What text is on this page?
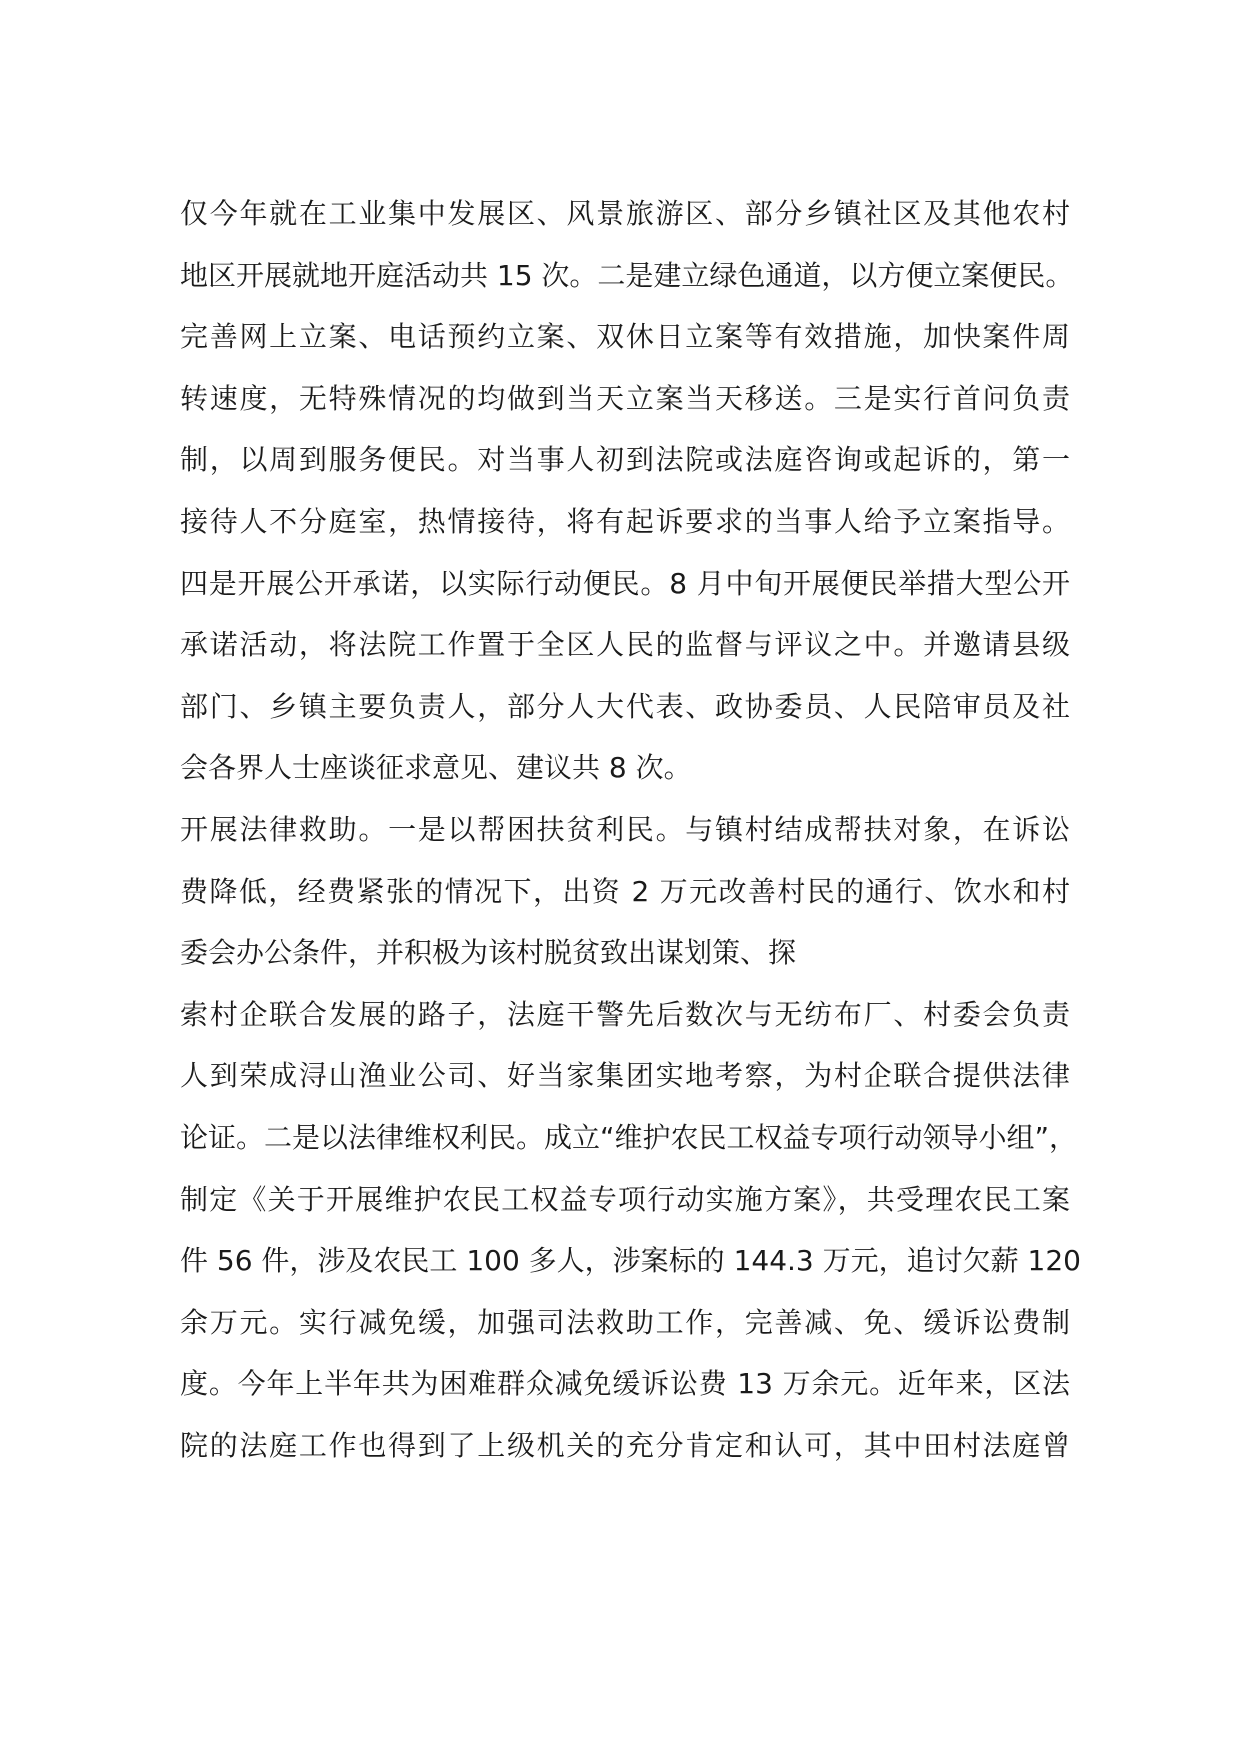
仅今年就在工业集中发展区、风景旅游区、部分乡镇社区及其他农村
地区开展就地开庭活动共 15 次。二是建立绿色通道，以方便立案便民。
完善网上立案、电话预约立案、双休日立案等有效措施，加快案件周
转速度，无特殊情况的均做到当天立案当天移送。三是实行首问负责
制，以周到服务便民。对当事人初到法院或法庭咨询或起诉的，第一
接待人不分庭室，热情接待，将有起诉要求的当事人给予立案指导。
四是开展公开承诺，以实际行动便民。8 月中旬开展便民举措大型公开
承诺活动，将法院工作置于全区人民的监督与评议之中。并邀请县级
部门、乡镇主要负责人，部分人大代表、政协委员、人民陪审员及社
会各界人士座谈征求意见、建议共 8 次。
开展法律救助。一是以帮困扶贫利民。与镇村结成帮扶对象，在诉讼
费降低，经费紧张的情况下，出资 2 万元改善村民的通行、饮水和村
委会办公条件，并积极为该村脱贫致出谋划策、探
索村企联合发展的路子，法庭干警先后数次与无纺布厂、村委会负责
人到荣成浔山渔业公司、好当家集团实地考察，为村企联合提供法律
论证。二是以法律维权利民。成立“维护农民工权益专项行动领导小组”，
制定《关于开展维护农民工权益专项行动实施方案》，共受理农民工案
件 56 件，涉及农民工 100 多人，涉案标的 144.3 万元，追讨欠薪 120
余万元。实行减免缓，加强司法救助工作，完善减、免、缓诉讼费制
度。今年上半年共为困难群众减免缓诉讼费 13 万余元。近年来，区法
院的法庭工作也得到了上级机关的充分肯定和认可，其中田村法庭曾
